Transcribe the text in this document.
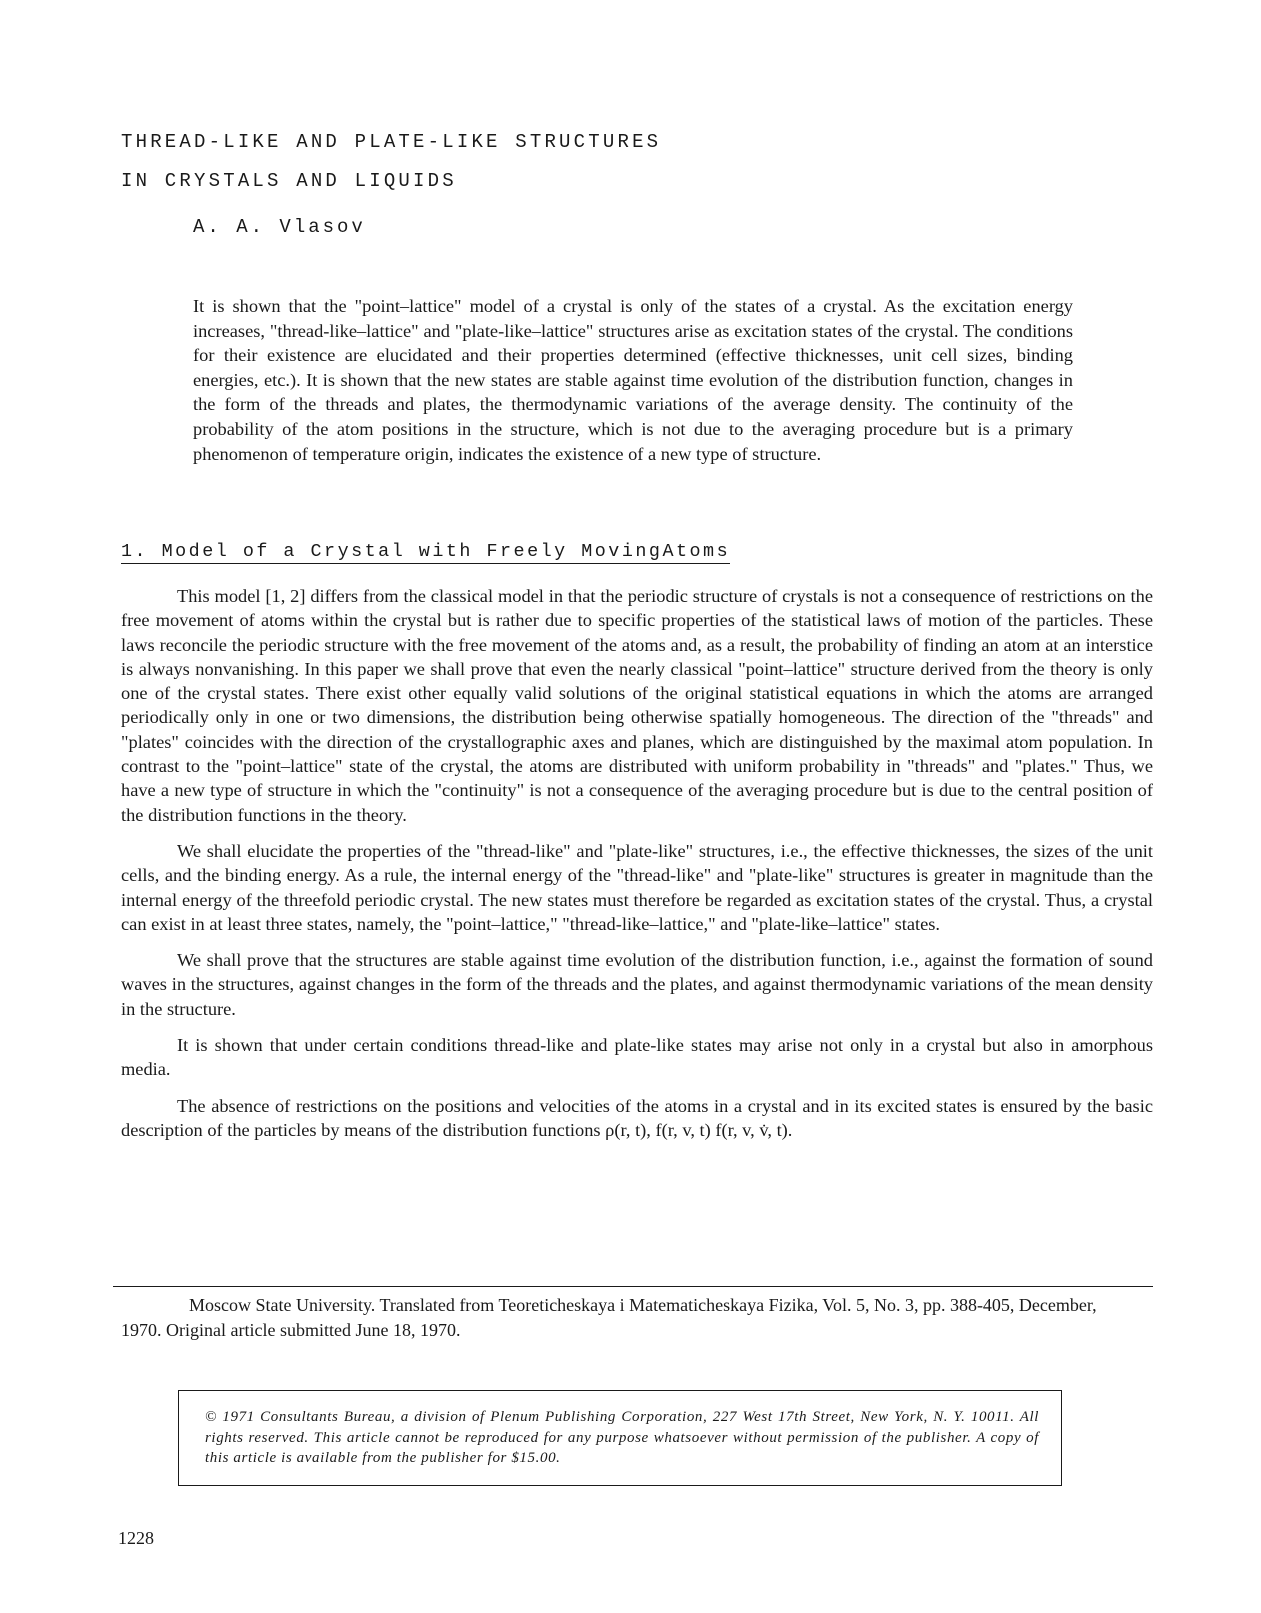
THREAD-LIKE AND PLATE-LIKE STRUCTURES
IN CRYSTALS AND LIQUIDS
A. A. Vlasov

It is shown that the "point–lattice" model of a crystal is only of the states of a crystal. As the excitation energy increases, "thread-like–lattice" and "plate-like–lattice" structures arise as excitation states of the crystal. The conditions for their existence are elucidated and their properties determined (effective thicknesses, unit cell sizes, binding energies, etc.). It is shown that the new states are stable against time evolution of the distribution function, changes in the form of the threads and plates, the thermodynamic variations of the average density. The continuity of the probability of the atom positions in the structure, which is not due to the averaging procedure but is a primary phenomenon of temperature origin, indicates the existence of a new type of structure.

1. Model of a Crystal with Freely MovingAtoms

This model [1, 2] differs from the classical model in that the periodic structure of crystals is not a consequence of restrictions on the free movement of atoms within the crystal but is rather due to specific properties of the statistical laws of motion of the particles. These laws reconcile the periodic structure with the free movement of the atoms and, as a result, the probability of finding an atom at an interstice is always nonvanishing. In this paper we shall prove that even the nearly classical "point–lattice" structure derived from the theory is only one of the crystal states. There exist other equally valid solutions of the original statistical equations in which the atoms are arranged periodically only in one or two dimensions, the distribution being otherwise spatially homogeneous. The direction of the "threads" and "plates" coincides with the direction of the crystallographic axes and planes, which are distinguished by the maximal atom population. In contrast to the "point–lattice" state of the crystal, the atoms are distributed with uniform probability in "threads" and "plates." Thus, we have a new type of structure in which the "continuity" is not a consequence of the averaging procedure but is due to the central position of the distribution functions in the theory.

We shall elucidate the properties of the "thread-like" and "plate-like" structures, i.e., the effective thicknesses, the sizes of the unit cells, and the binding energy. As a rule, the internal energy of the "thread-like" and "plate-like" structures is greater in magnitude than the internal energy of the threefold periodic crystal. The new states must therefore be regarded as excitation states of the crystal. Thus, a crystal can exist in at least three states, namely, the "point–lattice," "thread-like–lattice," and "plate-like–lattice" states.

We shall prove that the structures are stable against time evolution of the distribution function, i.e., against the formation of sound waves in the structures, against changes in the form of the threads and the plates, and against thermodynamic variations of the mean density in the structure.

It is shown that under certain conditions thread-like and plate-like states may arise not only in a crystal but also in amorphous media.

The absence of restrictions on the positions and velocities of the atoms in a crystal and in its excited states is ensured by the basic description of the particles by means of the distribution functions ρ(r, t), f(r, v, t) f(r, v, v̇, t).

Moscow State University. Translated from Teoreticheskaya i Matematicheskaya Fizika, Vol. 5, No. 3, pp. 388-405, December, 1970. Original article submitted June 18, 1970.

© 1971 Consultants Bureau, a division of Plenum Publishing Corporation, 227 West 17th Street, New York, N. Y. 10011. All rights reserved. This article cannot be reproduced for any purpose whatsoever without permission of the publisher. A copy of this article is available from the publisher for $15.00.

1228
